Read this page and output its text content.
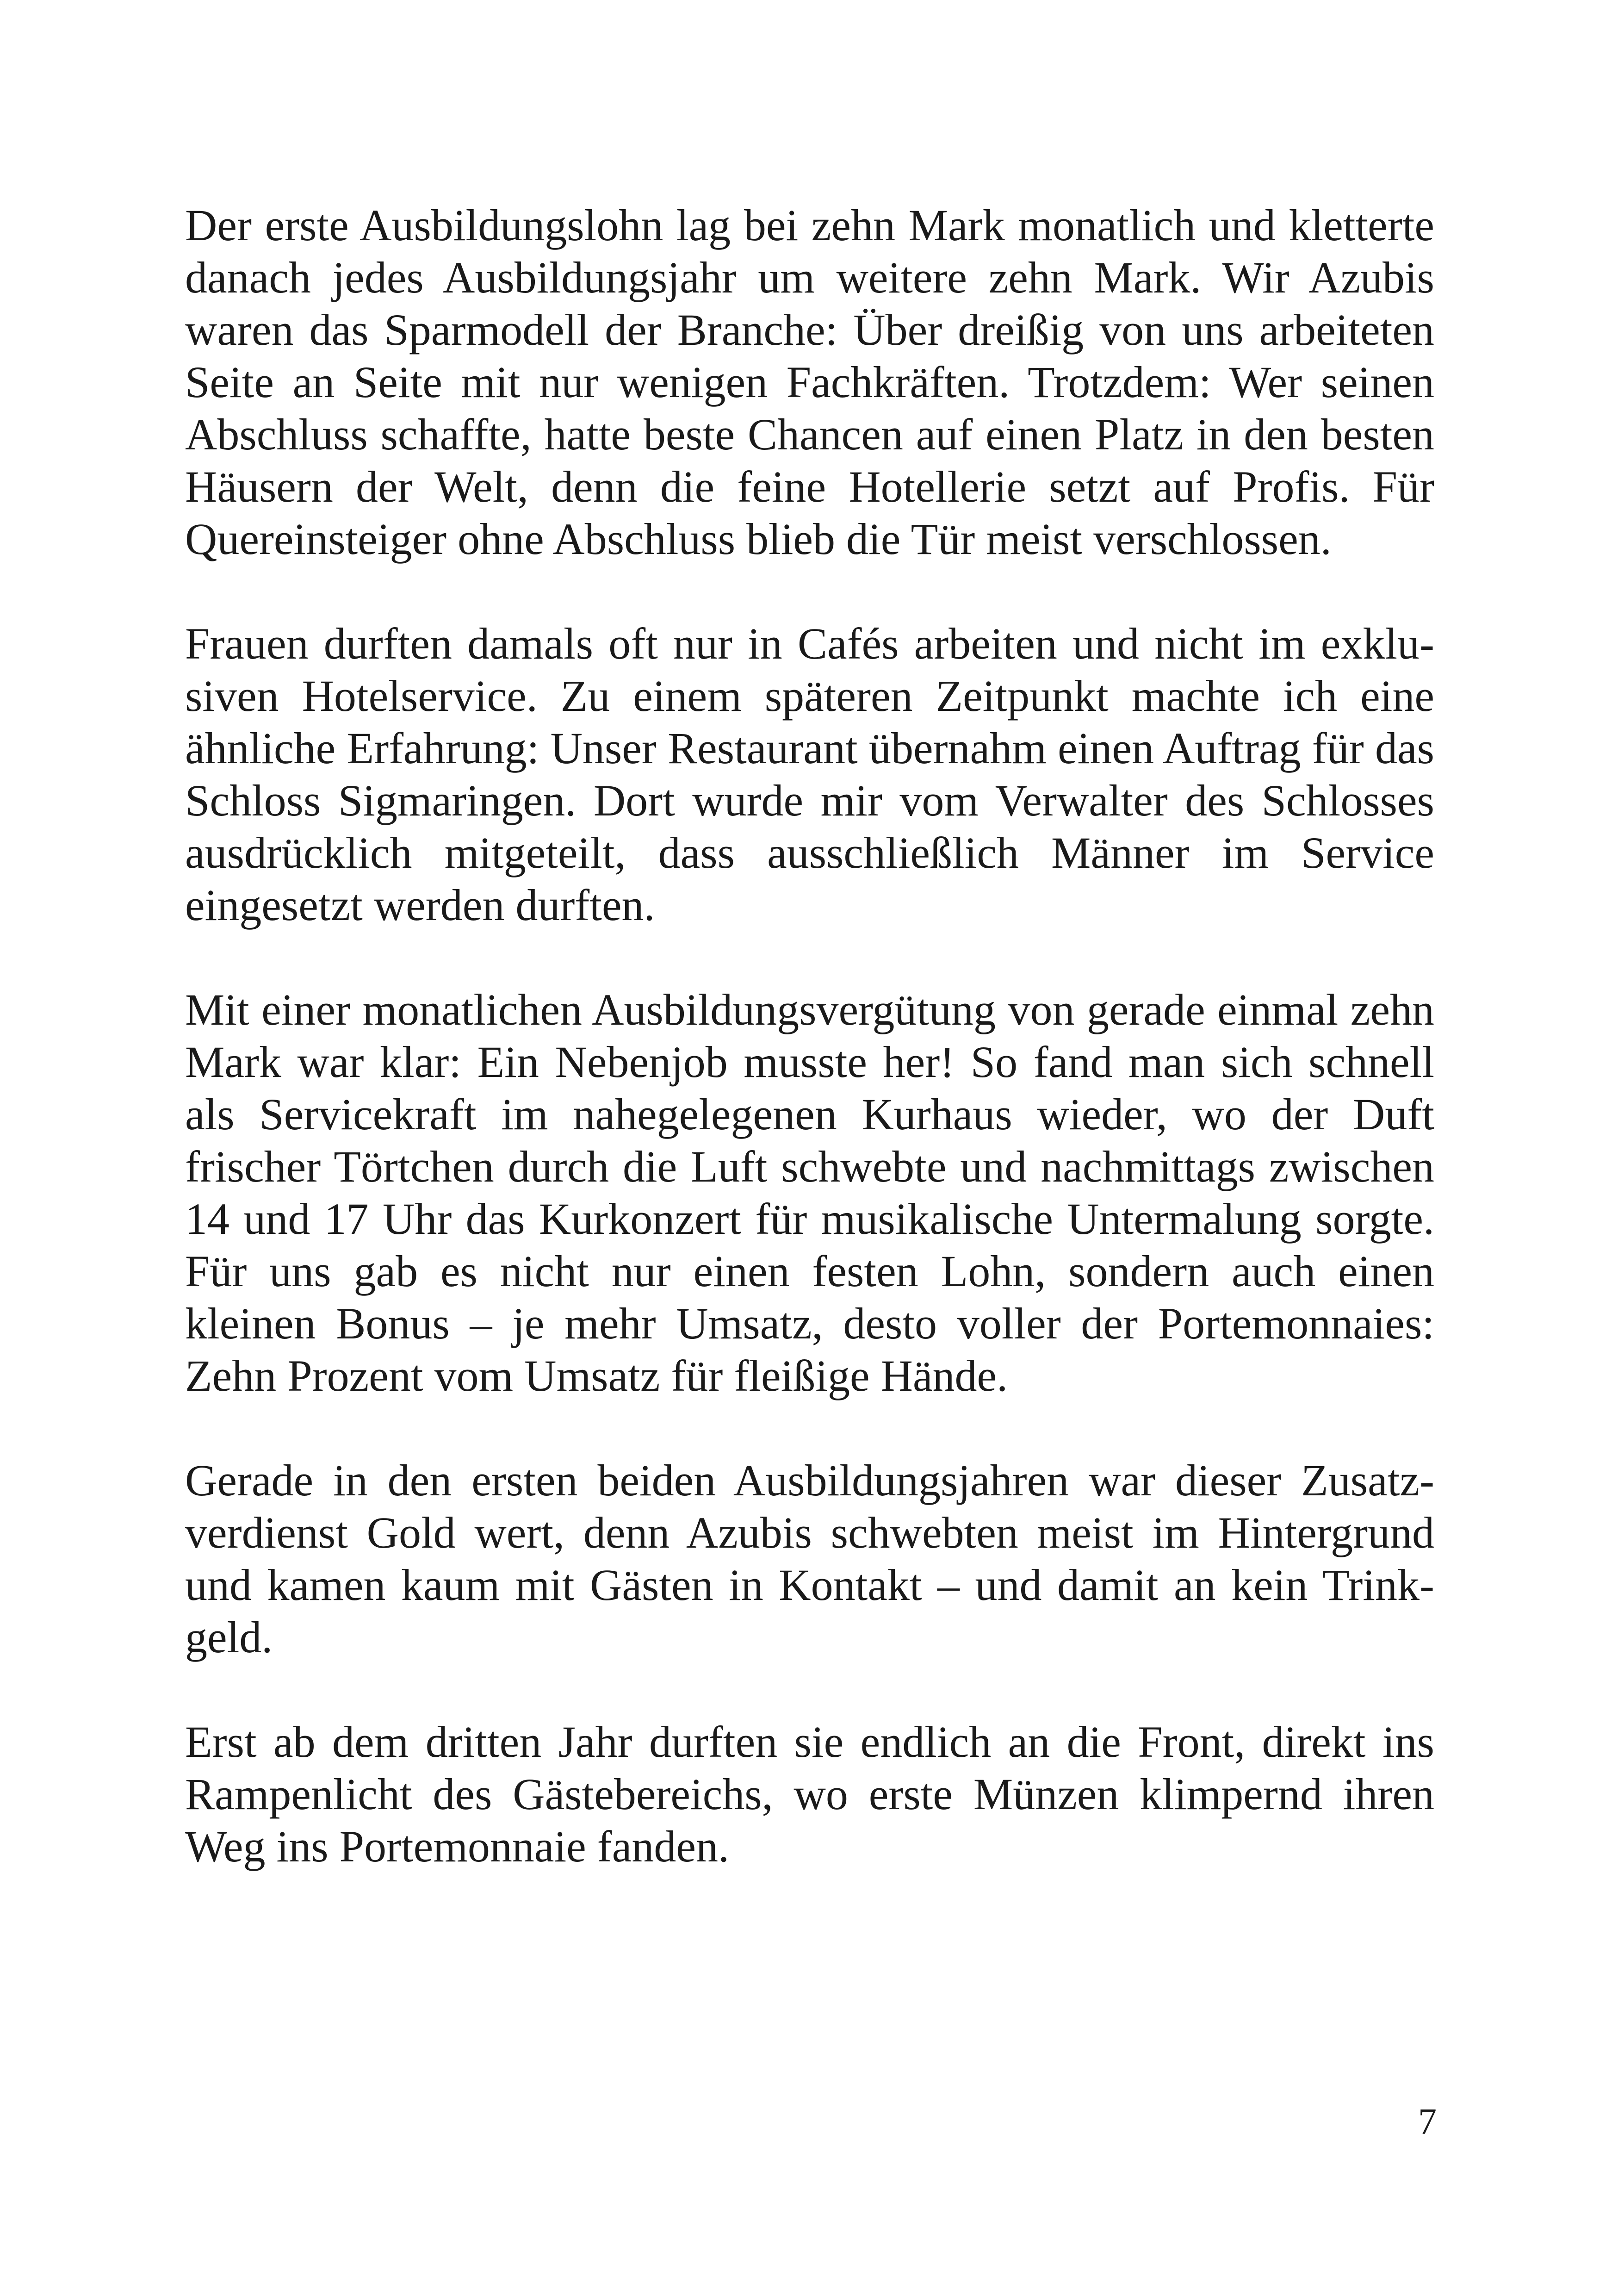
Der erste Ausbildungslohn lag bei zehn Mark monatlich und kletterte danach jedes Ausbildungsjahr um weitere zehn Mark. Wir Azubis waren das Sparmodell der Branche: Über dreißig von uns arbeiteten Seite an Seite mit nur wenigen Fachkräften. Trotzdem: Wer seinen Abschluss schaffte, hatte beste Chancen auf einen Platz in den besten Häusern der Welt, denn die feine Hotellerie setzt auf Profis. Für Quereinsteiger ohne Abschluss blieb die Tür meist verschlossen.

Frauen durften damals oft nur in Cafés arbeiten und nicht im exklusiven Hotelservice. Zu einem späteren Zeitpunkt machte ich eine ähnliche Erfahrung: Unser Restaurant übernahm einen Auftrag für das Schloss Sigmaringen. Dort wurde mir vom Verwalter des Schlosses ausdrücklich mitgeteilt, dass ausschließlich Männer im Service eingesetzt werden durften.

Mit einer monatlichen Ausbildungsvergütung von gerade einmal zehn Mark war klar: Ein Nebenjob musste her! So fand man sich schnell als Servicekraft im nahegelegenen Kurhaus wieder, wo der Duft frischer Törtchen durch die Luft schwebte und nachmittags zwischen 14 und 17 Uhr das Kurkonzert für musikalische Untermalung sorgte. Für uns gab es nicht nur einen festen Lohn, sondern auch einen kleinen Bonus – je mehr Umsatz, desto voller der Portemonnaies: Zehn Prozent vom Umsatz für fleißige Hände.

Gerade in den ersten beiden Ausbildungsjahren war dieser Zusatzverdienst Gold wert, denn Azubis schwebten meist im Hintergrund und kamen kaum mit Gästen in Kontakt – und damit an kein Trinkgeld.

Erst ab dem dritten Jahr durften sie endlich an die Front, direkt ins Rampenlicht des Gästebereichs, wo erste Münzen klimpernd ihren Weg ins Portemonnaie fanden.

7
